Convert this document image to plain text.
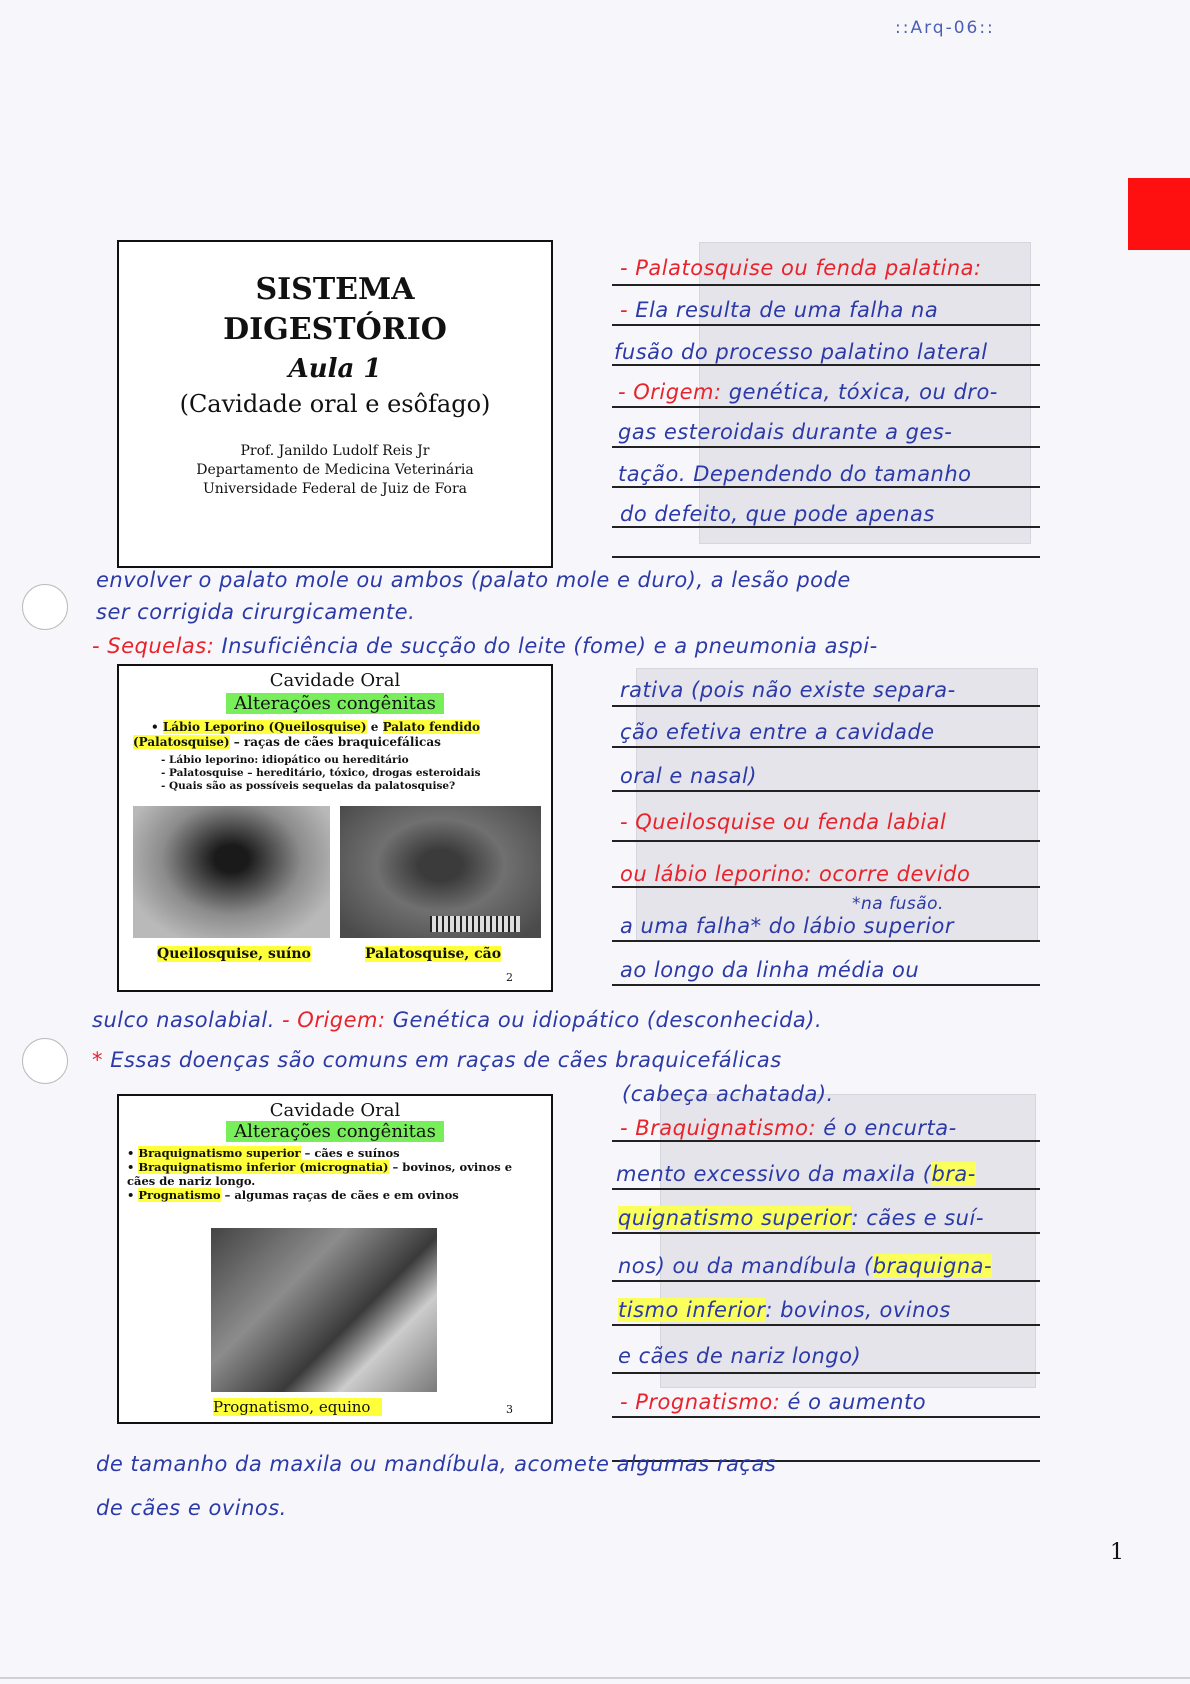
::Arq-06::
SISTEMA
DIGESTÓRIO
Aula 1
(Cavidade oral e esôfago)
Prof. Janildo Ludolf Reis Jr
Departamento de Medicina Veterinária
Universidade Federal de Juiz de Fora
Cavidade Oral
Alterações congênitas
• Lábio Leporino (Queilosquise) e Palato fendido
(Palatosquise) – raças de cães braquicefálicas
- Lábio leporino: idiopático ou hereditário
- Palatosquise – hereditário, tóxico, drogas esteroidais
- Quais são as possíveis sequelas da palatosquise?
Queilosquise, suíno	Palatosquise, cão
2
Cavidade Oral
Alterações congênitas
• Braquignatismo superior – cães e suínos
• Braquignatismo inferior (micrognatia) – bovinos, ovinos e cães de nariz longo.
• Prognatismo – algumas raças de cães e em ovinos
Prognatismo, equino	3
- Palatosquise ou fenda palatina:
- Ela resulta de uma falha na
fusão do processo palatino lateral
- Origem: genética, tóxica, ou dro-
gas esteroidais durante a ges-
tação. Dependendo do tamanho
do defeito, que pode apenas
envolver o palato mole ou ambos (palato mole e duro), a lesão pode
ser corrigida cirurgicamente.
- Sequelas: Insuficiência de sucção do leite (fome) e a pneumonia aspi-
rativa (pois não existe separa-
ção efetiva entre a cavidade
oral e nasal)
- Queilosquise ou fenda labial
ou lábio leporino: ocorre devido
*na fusão.
a uma falha* do lábio superior
ao longo da linha média ou
sulco nasolabial. - Origem: Genética ou idiopático (desconhecida).
* Essas doenças são comuns em raças de cães braquicefálicas
(cabeça achatada).
- Braquignatismo: é o encurta-
mento excessivo da maxila (bra-
quignatismo superior: cães e suí-
nos) ou da mandíbula (braquigna-
tismo inferior: bovinos, ovinos
e cães de nariz longo)
- Prognatismo: é o aumento
de tamanho da maxila ou mandíbula, acomete algumas raças
de cães e ovinos.
1
